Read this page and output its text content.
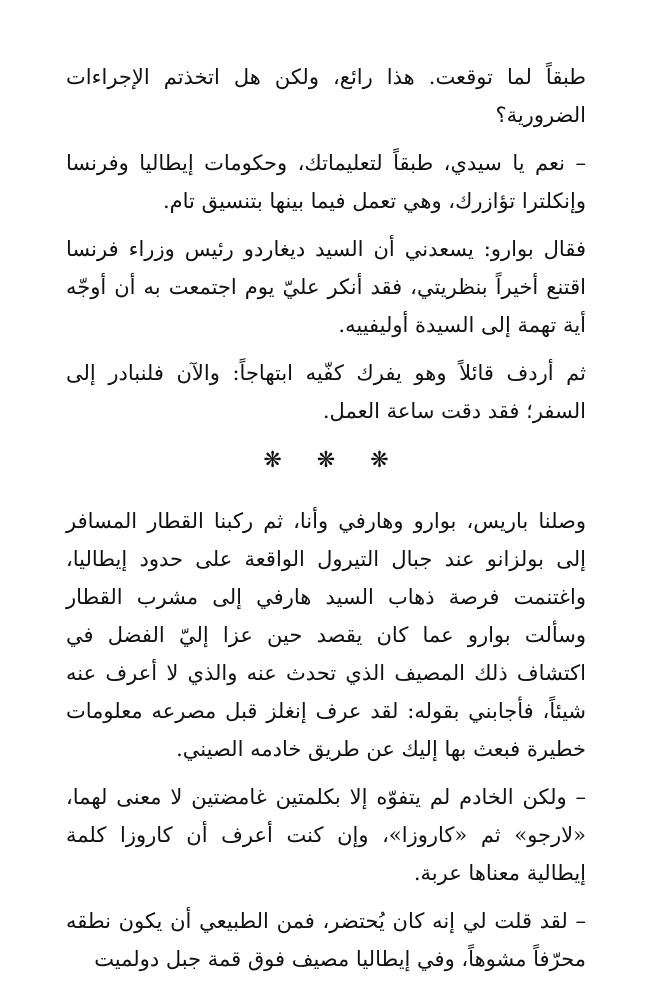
طبقاً لما توقعت. هذا رائع، ولكن هل اتخذتم الإجراءات الضرورية؟

– نعم يا سيدي، طبقاً لتعليماتك، وحكومات إيطاليا وفرنسا وإنكلترا تؤازرك، وهي تعمل فيما بينها بتنسيق تام.

فقال بوارو: يسعدني أن السيد ديغاردو رئيس وزراء فرنسا اقتنع أخيراً بنظريتي، فقد أنكر عليّ يوم اجتمعت به أن أوجّه أية تهمة إلى السيدة أوليفييه.

ثم أردف قائلاً وهو يفرك كفّيه ابتهاجاً: والآن فلنبادر إلى السفر؛ فقد دقت ساعة العمل.

❋ ❋ ❋

وصلنا باريس، بوارو وهارفي وأنا، ثم ركبنا القطار المسافر إلى بولزانو عند جبال التيرول الواقعة على حدود إيطاليا، واغتنمت فرصة ذهاب السيد هارفي إلى مشرب القطار وسألت بوارو عما كان يقصد حين عزا إليّ الفضل في اكتشاف ذلك المصيف الذي تحدث عنه والذي لا أعرف عنه شيئاً، فأجابني بقوله: لقد عرف إنغلز قبل مصرعه معلومات خطيرة فبعث بها إليك عن طريق خادمه الصيني.

– ولكن الخادم لم يتفوّه إلا بكلمتين غامضتين لا معنى لهما، «لارجو» ثم «كاروزا»، وإن كنت أعرف أن كاروزا كلمة إيطالية معناها عربة.

– لقد قلت لي إنه كان يُحتضر، فمن الطبيعي أن يكون نطقه محرّفاً مشوهاً، وفي إيطاليا مصيف فوق قمة جبل دولميت
